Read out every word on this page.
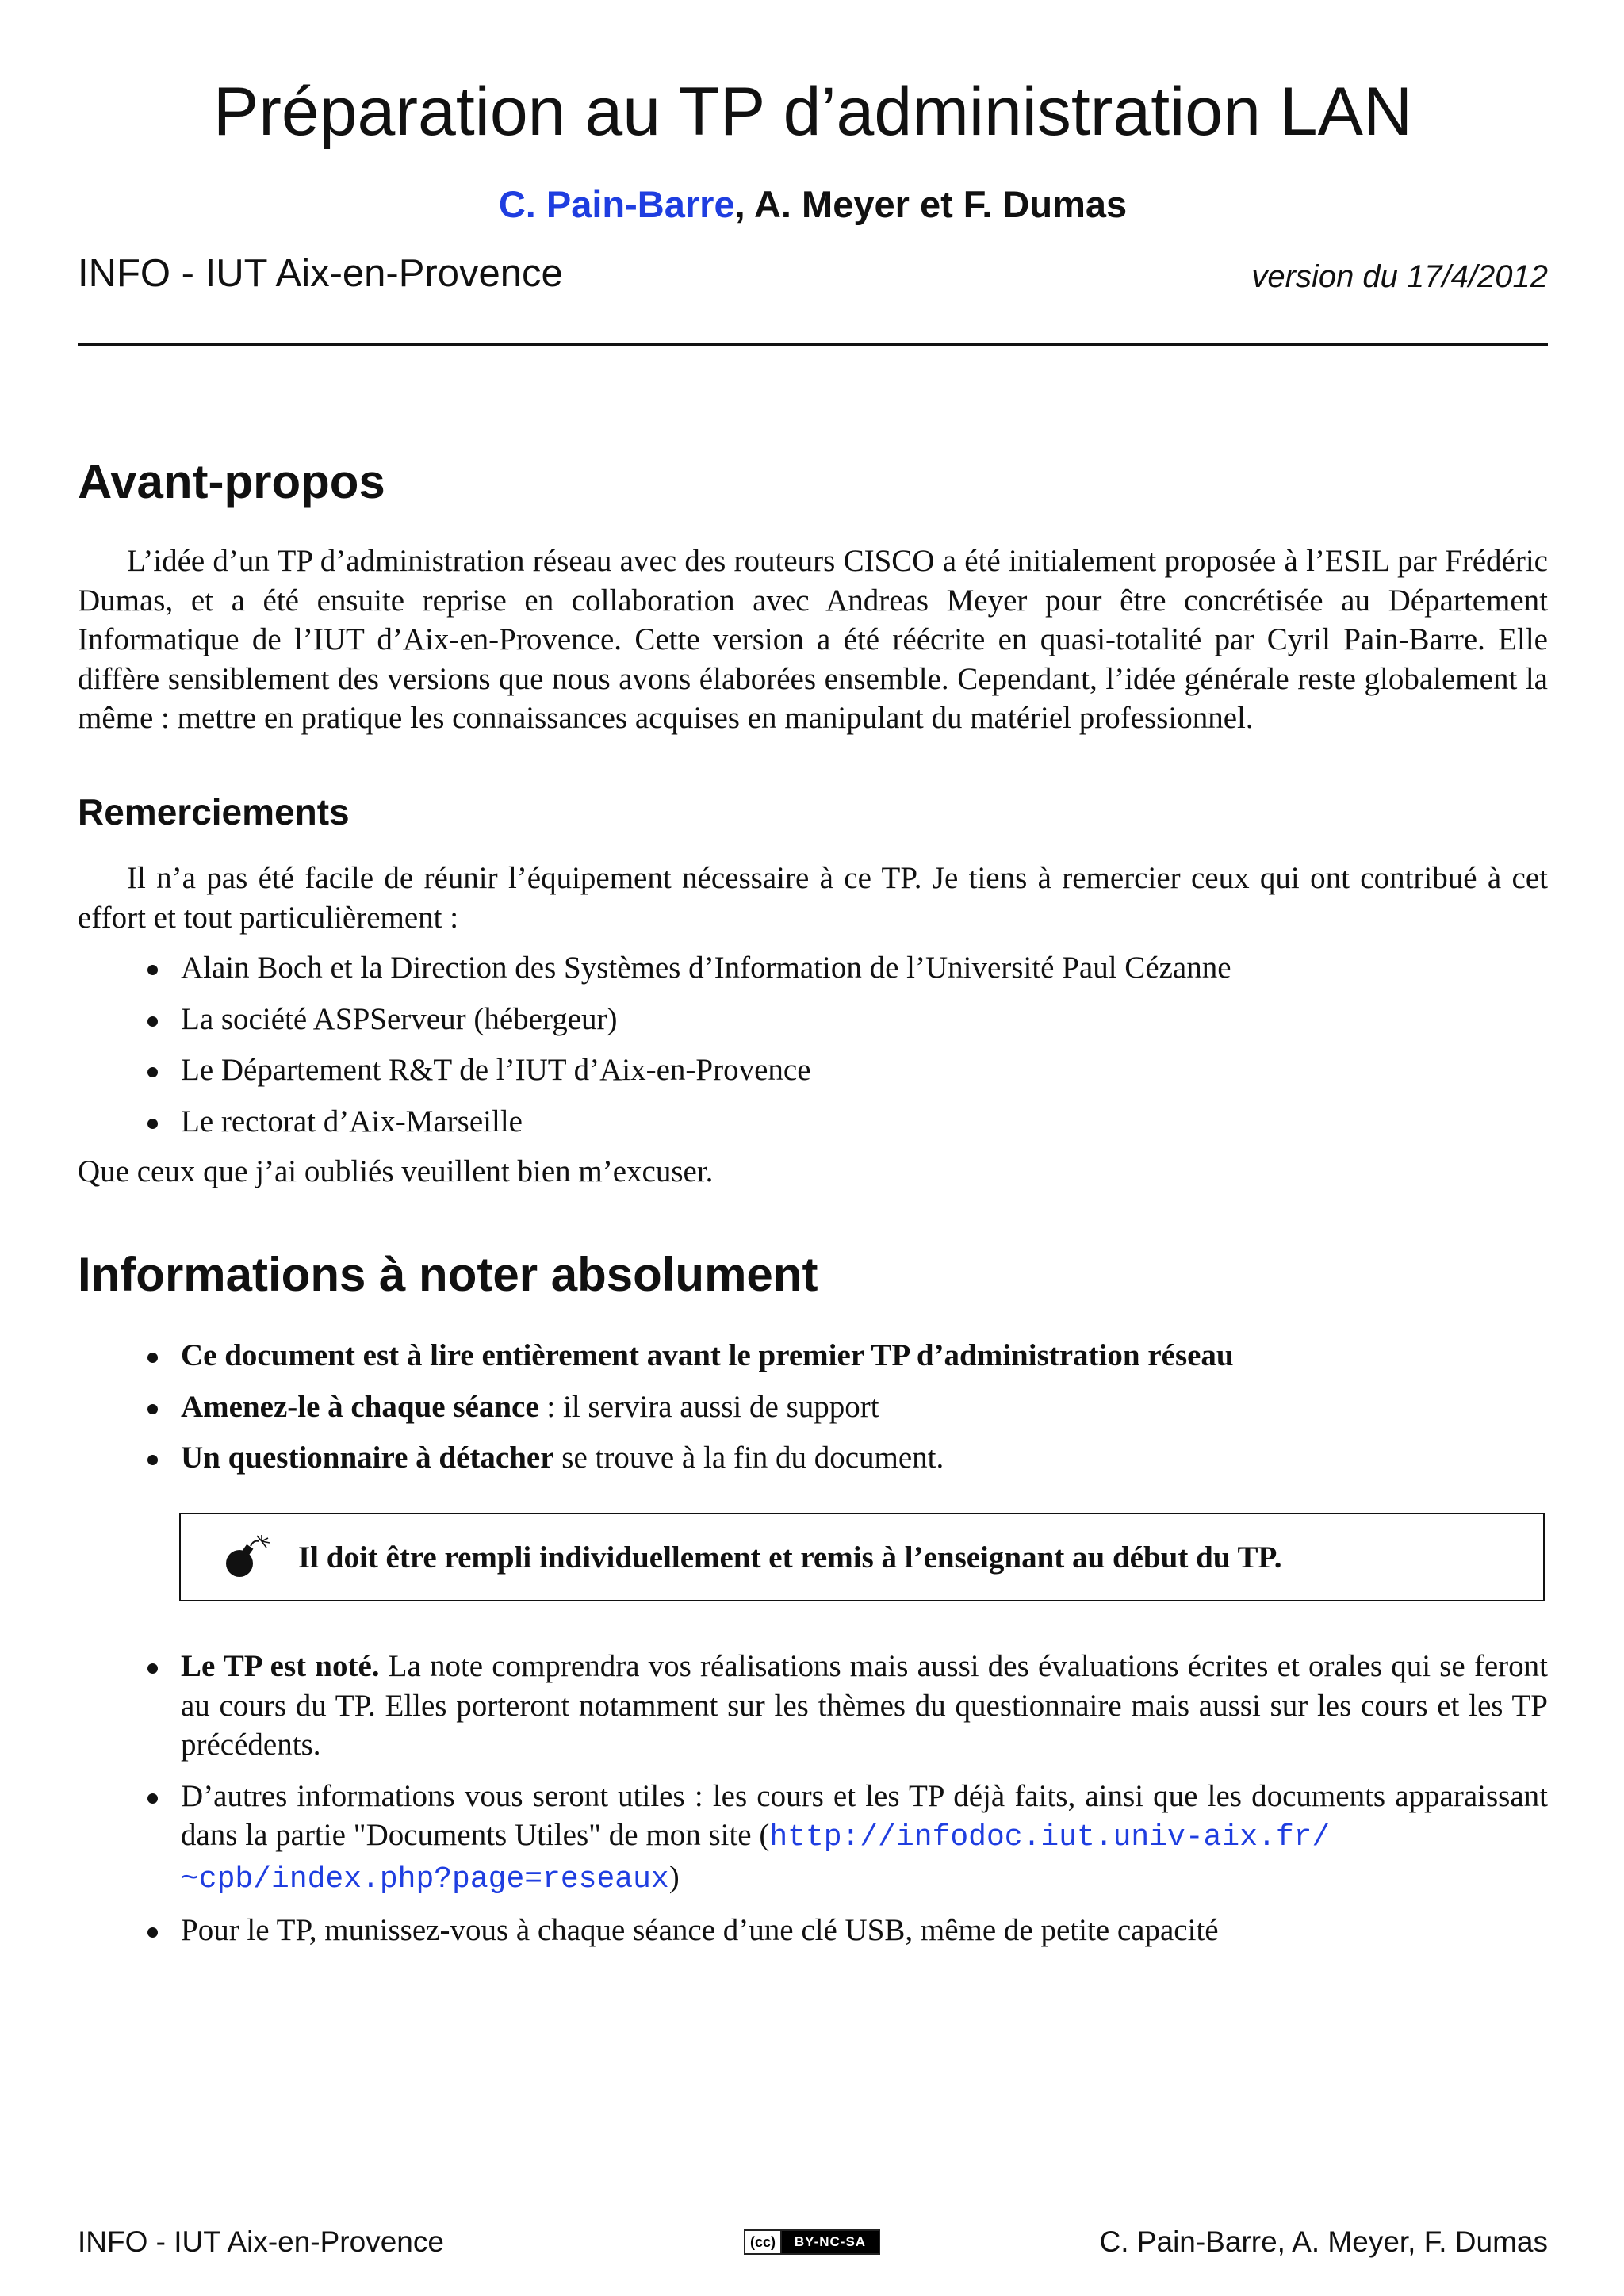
Préparation au TP d’administration LAN
C. Pain-Barre, A. Meyer et F. Dumas
INFO - IUT Aix-en-Provence	version du 17/4/2012
Avant-propos

L’idée d’un TP d’administration réseau avec des routeurs CISCO a été initialement proposée à l’ESIL par Frédéric Dumas, et a été ensuite reprise en collaboration avec Andreas Meyer pour être concrétisée au Département Informatique de l’IUT d’Aix-en-Provence. Cette version a été réécrite en quasi-totalité par Cyril Pain-Barre. Elle diffère sensiblement des versions que nous avons élaborées ensemble. Cependant, l’idée générale reste globalement la même : mettre en pratique les connaissances acquises en manipulant du matériel professionnel.

Remerciements

Il n’a pas été facile de réunir l’équipement nécessaire à ce TP. Je tiens à remercier ceux qui ont contribué à cet effort et tout particulièrement :

Alain Boch et la Direction des Systèmes d’Information de l’Université Paul Cézanne
La société ASPServeur (hébergeur)
Le Département R&T de l’IUT d’Aix-en-Provence
Le rectorat d’Aix-Marseille

Que ceux que j’ai oubliés veuillent bien m’excuser.

Informations à noter absolument
Ce document est à lire entièrement avant le premier TP d’administration réseau
Amenez-le à chaque séance : il servira aussi de support
Un questionnaire à détacher se trouve à la fin du document.
Il doit être rempli individuellement et remis à l’enseignant au début du TP.
Le TP est noté. La note comprendra vos réalisations mais aussi des évaluations écrites et orales qui se feront au cours du TP. Elles porteront notamment sur les thèmes du questionnaire mais aussi sur les cours et les TP précédents.
D’autres informations vous seront utiles : les cours et les TP déjà faits, ainsi que les documents apparaissant dans la partie "Documents Utiles" de mon site (http://infodoc.iut.univ-aix.fr/
~cpb/index.php?page=reseaux)
Pour le TP, munissez-vous à chaque séance d’une clé USB, même de petite capacité
INFO - IUT Aix-en-Provence	(cc)	BY-NC-SA	C. Pain-Barre, A. Meyer, F. Dumas
